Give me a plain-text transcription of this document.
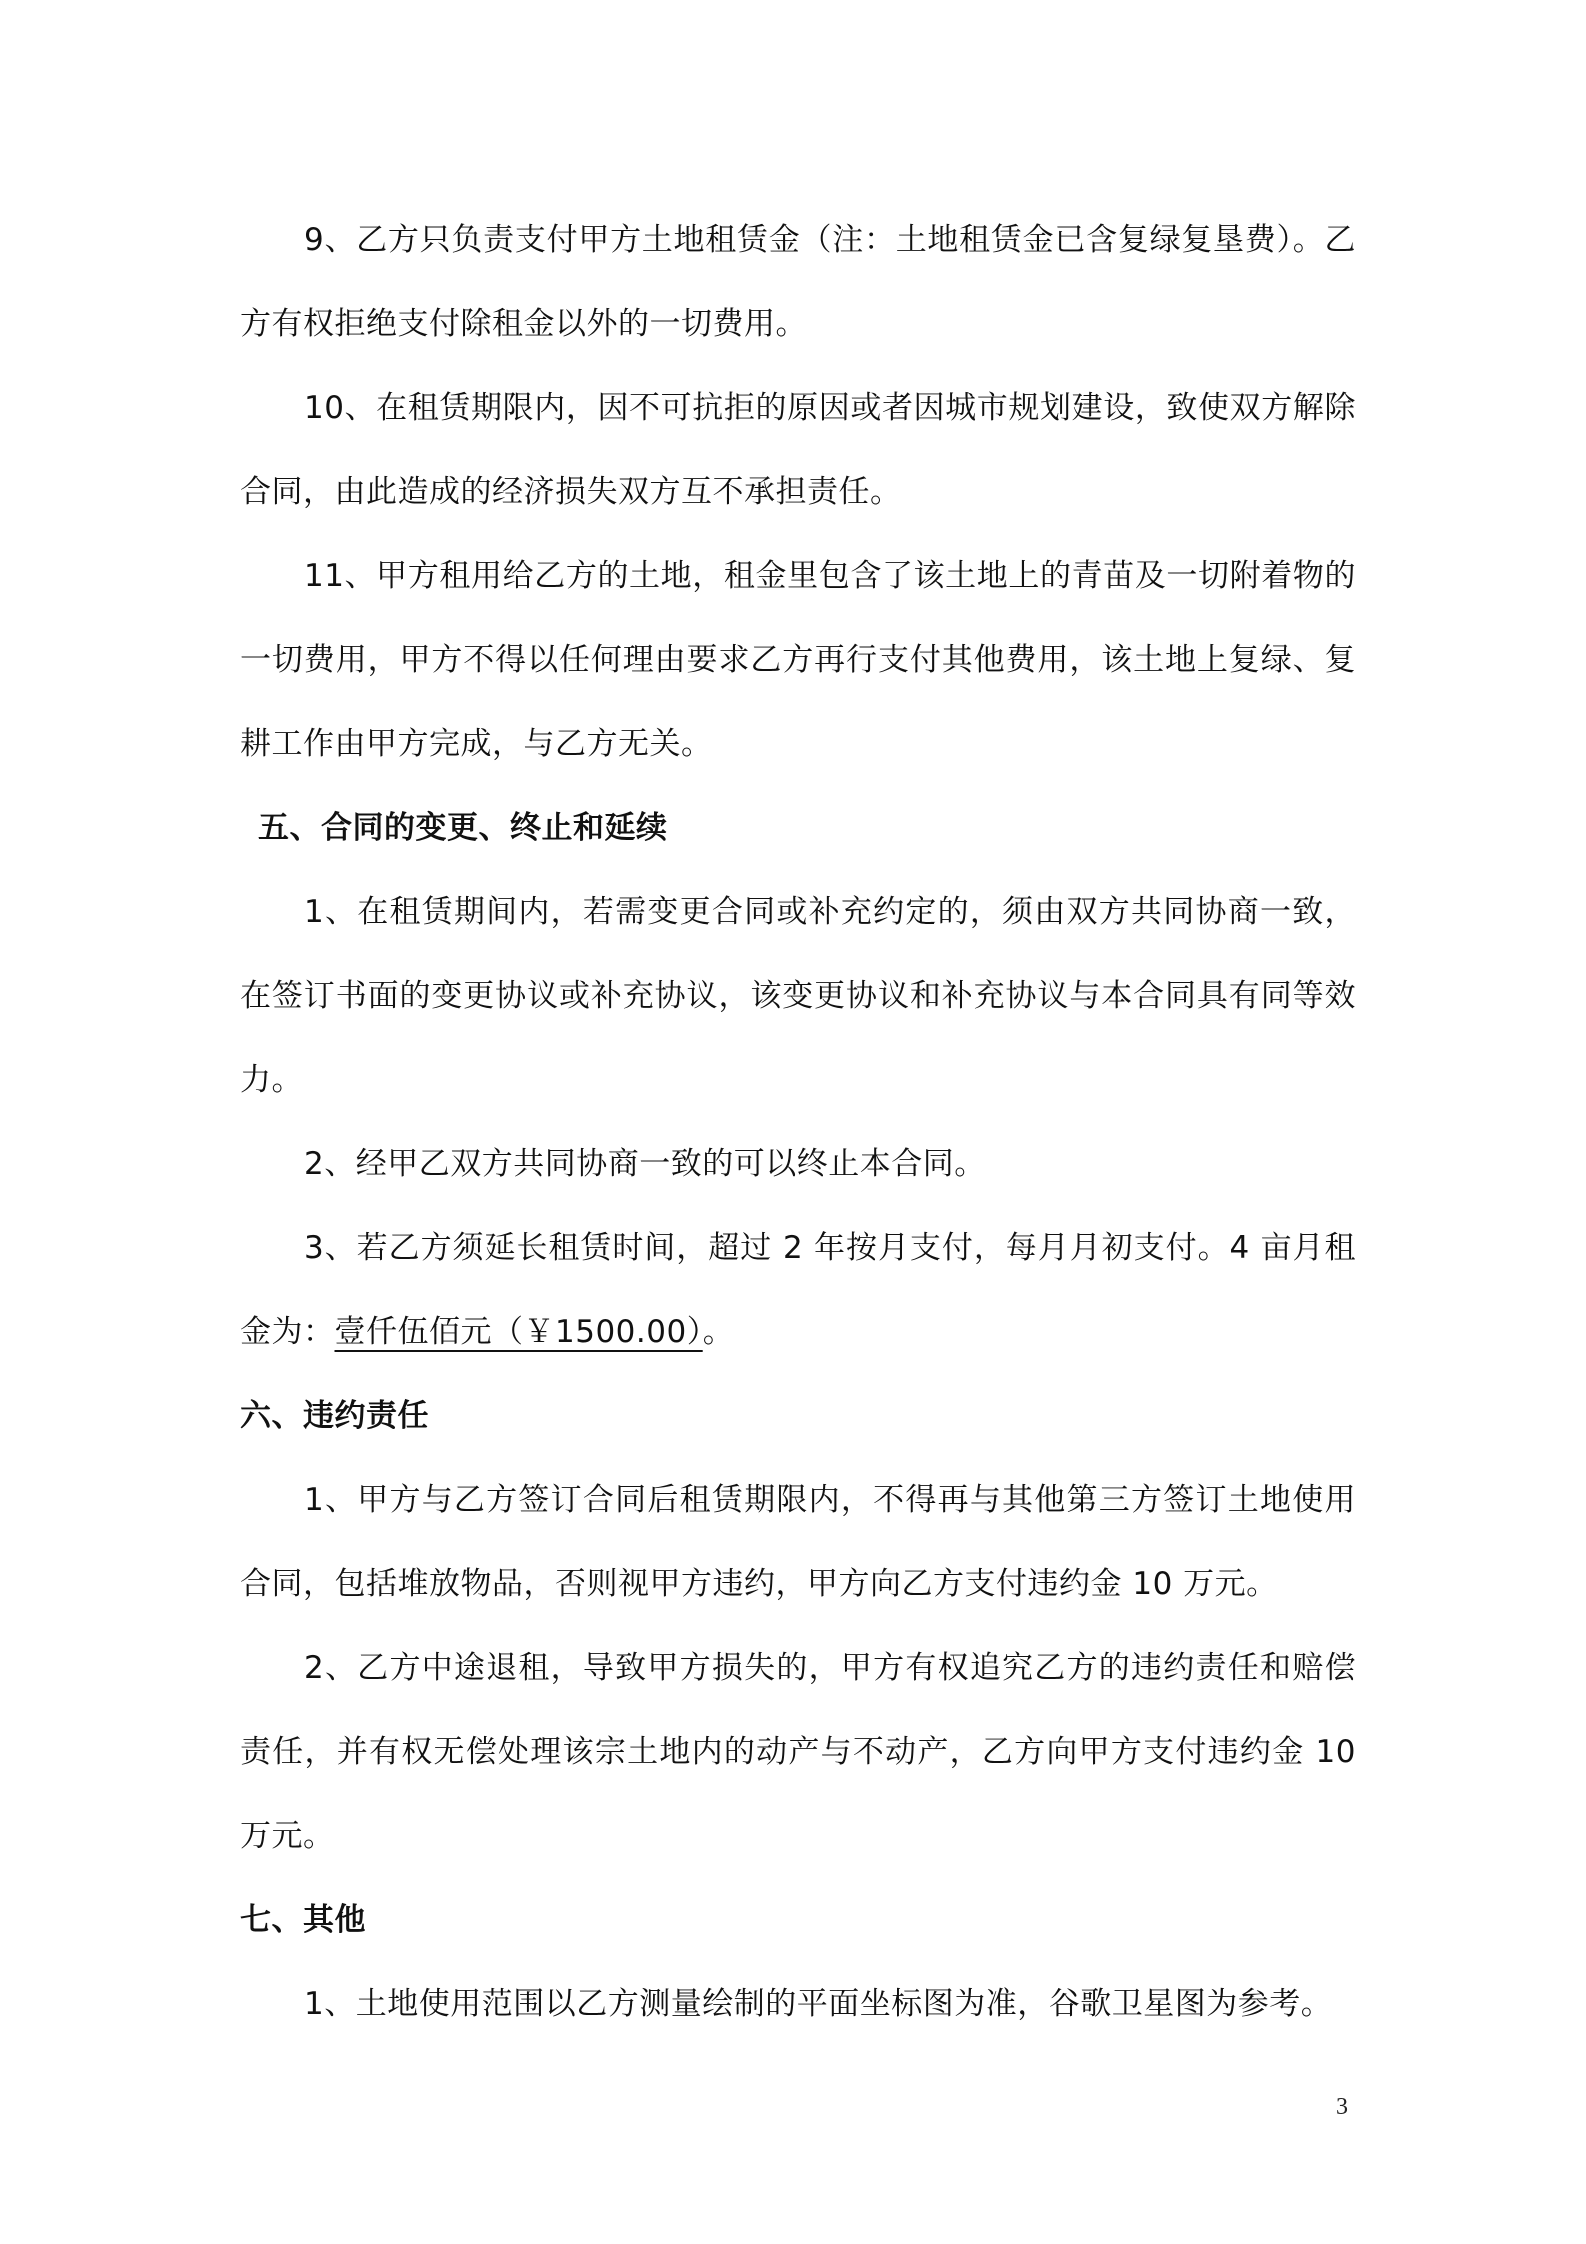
9、乙方只负责支付甲方土地租赁金（注：土地租赁金已含复绿复垦费）。乙方有权拒绝支付除租金以外的一切费用。

10、在租赁期限内，因不可抗拒的原因或者因城市规划建设，致使双方解除合同，由此造成的经济损失双方互不承担责任。

11、甲方租用给乙方的土地，租金里包含了该土地上的青苗及一切附着物的一切费用，甲方不得以任何理由要求乙方再行支付其他费用，该土地上复绿、复耕工作由甲方完成，与乙方无关。

五、合同的变更、终止和延续

1、在租赁期间内，若需变更合同或补充约定的，须由双方共同协商一致，在签订书面的变更协议或补充协议，该变更协议和补充协议与本合同具有同等效力。

2、经甲乙双方共同协商一致的可以终止本合同。

3、若乙方须延长租赁时间，超过 2 年按月支付，每月月初支付。4 亩月租金为：壹仟伍佰元（￥1500.00）。

六、违约责任

1、甲方与乙方签订合同后租赁期限内，不得再与其他第三方签订土地使用合同，包括堆放物品，否则视甲方违约，甲方向乙方支付违约金 10 万元。

2、乙方中途退租，导致甲方损失的，甲方有权追究乙方的违约责任和赔偿责任，并有权无偿处理该宗土地内的动产与不动产，乙方向甲方支付违约金 10 万元。

七、其他

1、土地使用范围以乙方测量绘制的平面坐标图为准，谷歌卫星图为参考。

3
